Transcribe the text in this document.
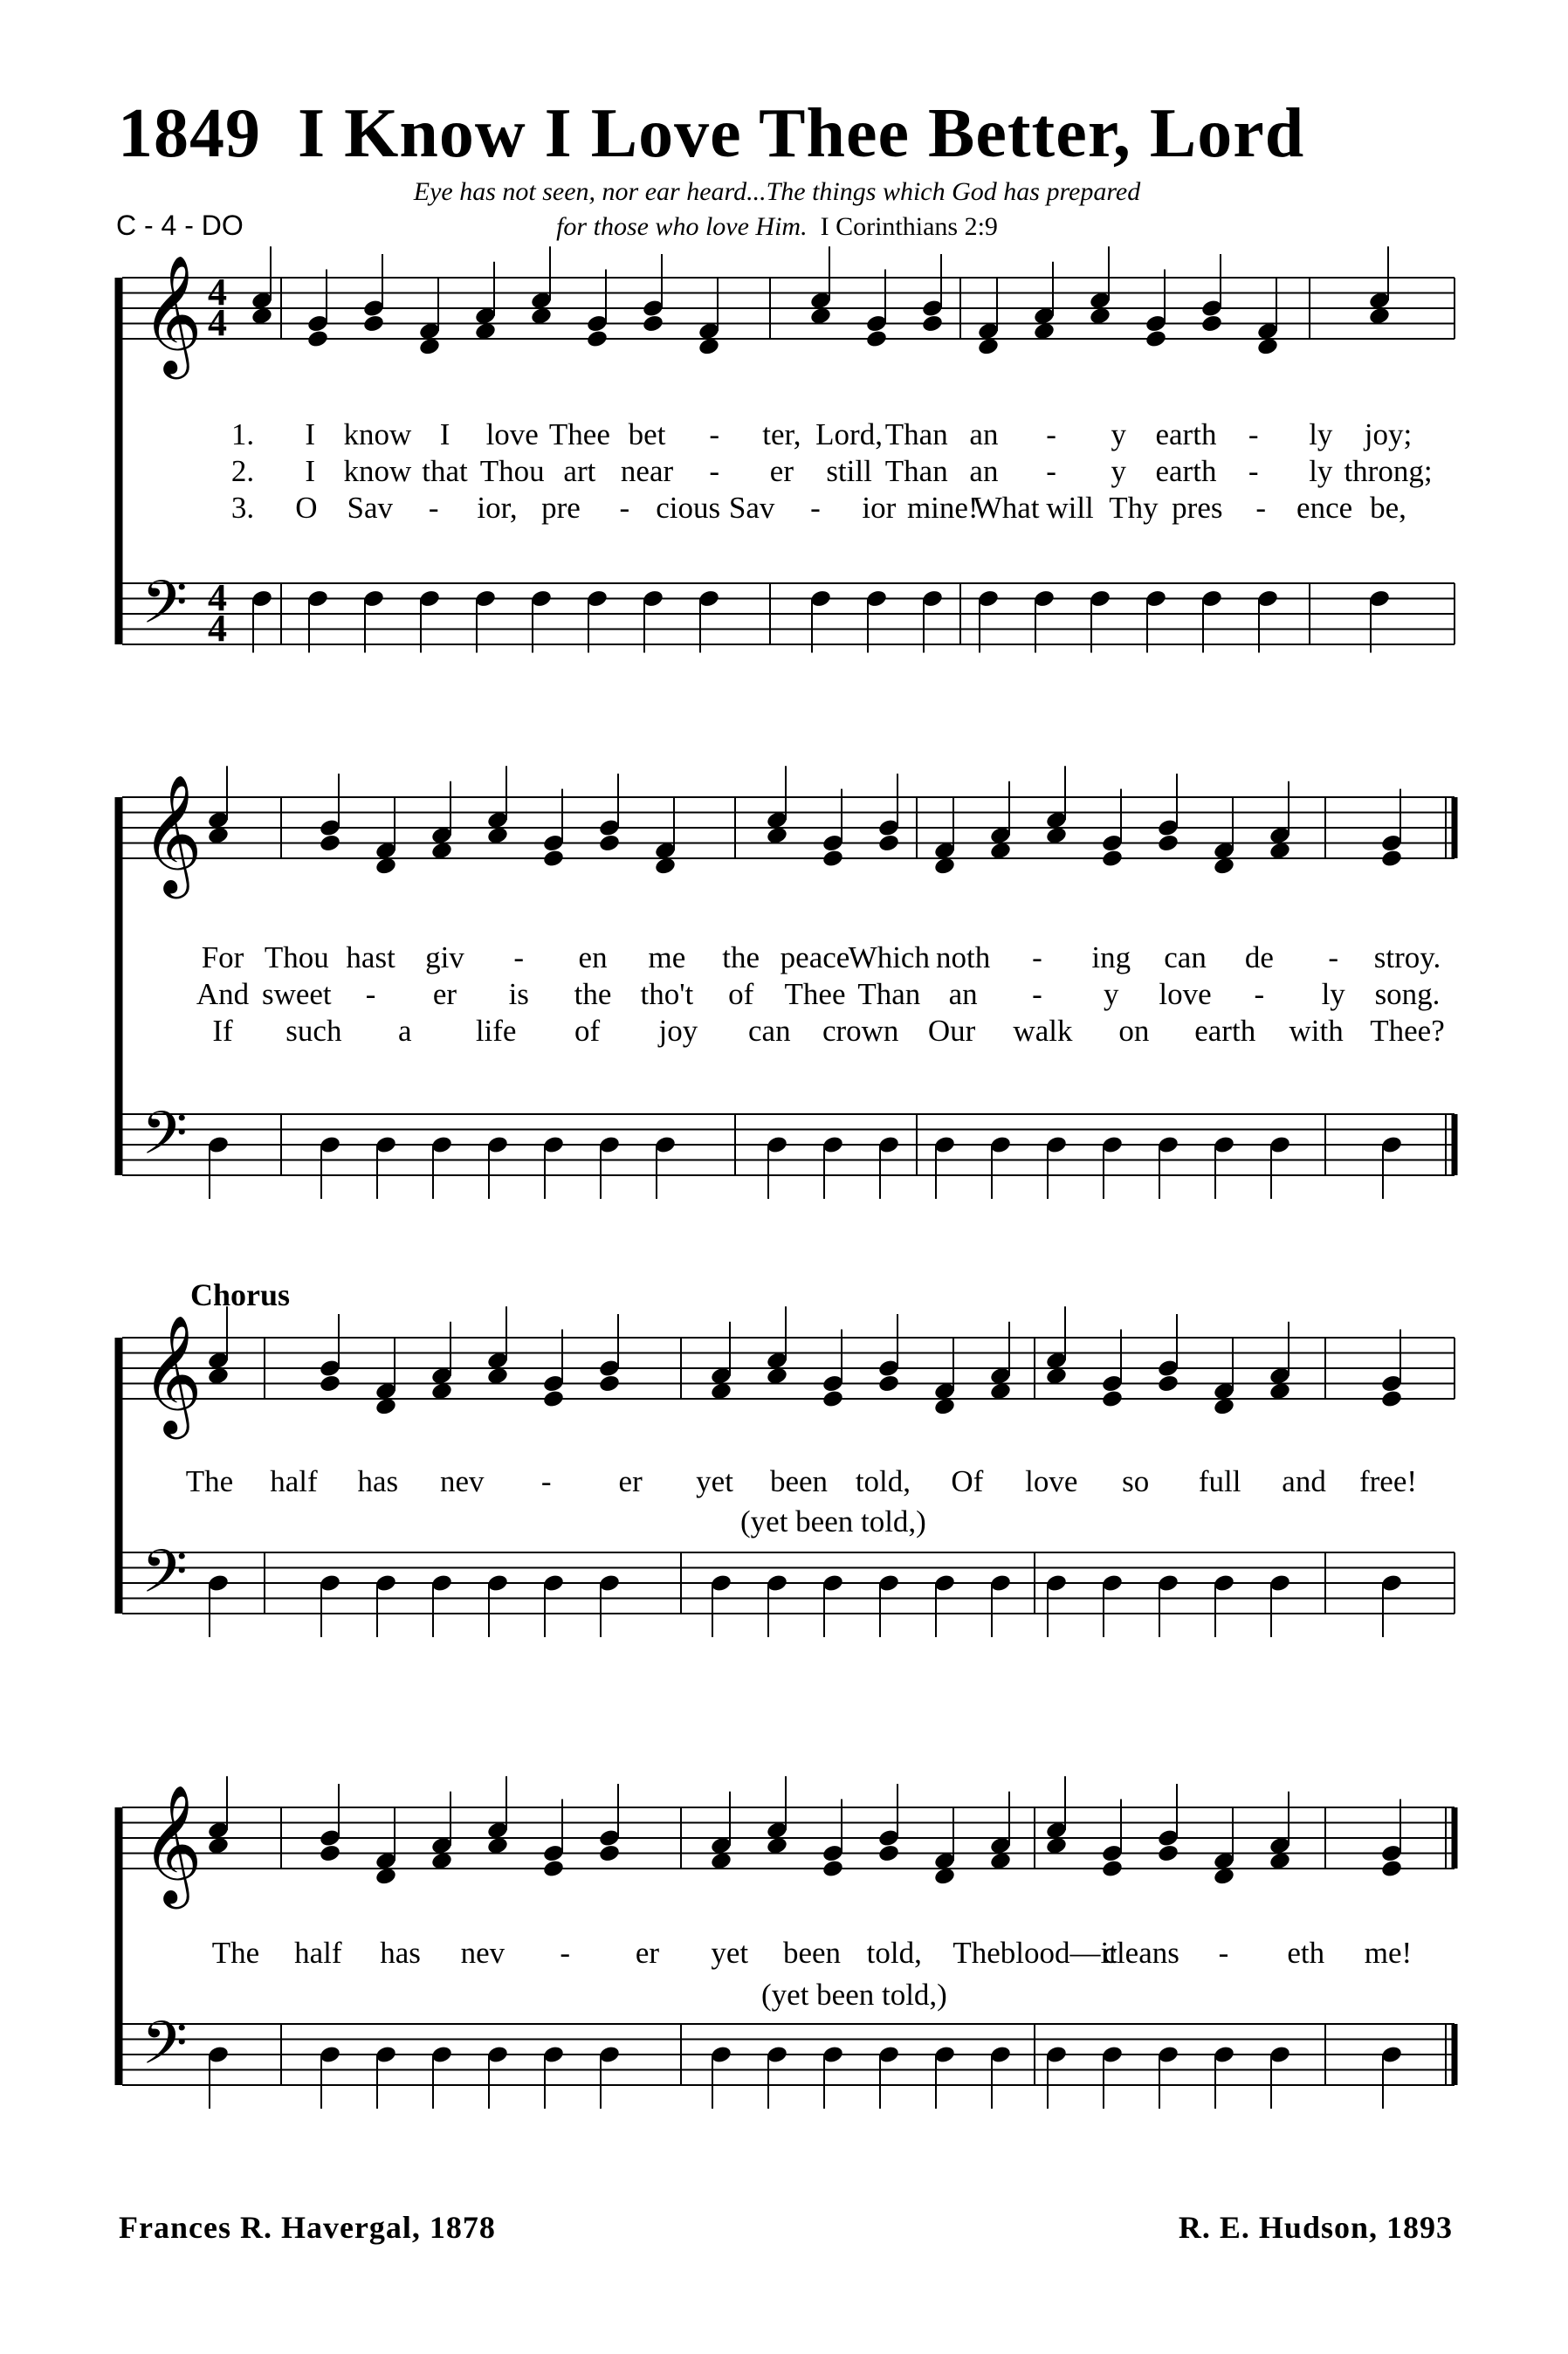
1849 I Know I Love Thee Better, Lord
C - 4 - DO
Eye has not seen, nor ear heard...The things which God has prepared
for those who love Him. I Corinthians 2:9
Chorus
𝄞
𝄢
4
4
4
4
𝄞
𝄢
𝄞
𝄢
𝄞
𝄢
1. I know I love Thee bet - ter, Lord, Than an - y earth - ly joy;
2. I know that Thou art near - er still Than an - y earth - ly throng;
3. O Sav - ior, pre - cious Sav - ior mine!
What will Thy pres - ence be,
For Thou hast giv - en me the peace
Which noth - ing can de - stroy.
And sweet - er is the tho't of Thee Than an - y love - ly song.
If such a life of joy can crown Our walk on earth with Thee?
The half has nev - er yet been told, Of love so full and free!
The half has nev - er yet been told, The blood—it
cleans - eth me!
(yet been told,)
(yet been told,)
Frances R. Havergal, 1878	R. E. Hudson, 1893
